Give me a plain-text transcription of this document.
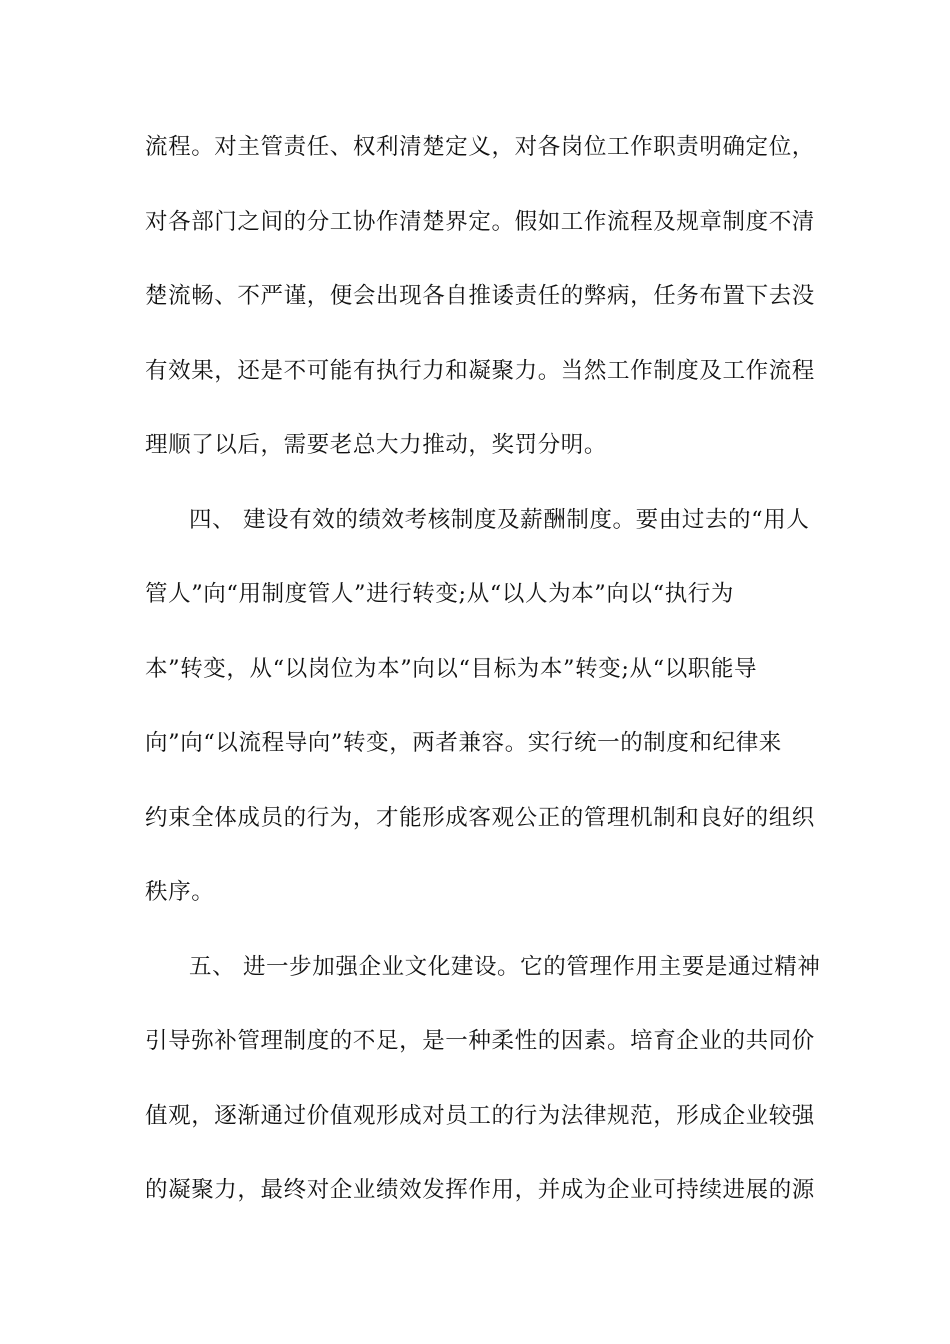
流程。对主管责任、权利清楚定义，对各岗位工作职责明确定位，
对各部门之间的分工协作清楚界定。假如工作流程及规章制度不清
楚流畅、不严谨，便会出现各自推诿责任的弊病，任务布置下去没
有效果，还是不可能有执行力和凝聚力。当然工作制度及工作流程
理顺了以后，需要老总大力推动，奖罚分明。
四、 建设有效的绩效考核制度及薪酬制度。要由过去的“用人
管人”向“用制度管人”进行转变;从“以人为本”向以“执行为
本”转变，从“以岗位为本”向以“目标为本”转变;从“以职能导
向”向“以流程导向”转变，两者兼容。实行统一的制度和纪律来
约束全体成员的行为，才能形成客观公正的管理机制和良好的组织
秩序。
五、 进一步加强企业文化建设。它的管理作用主要是通过精神
引导弥补管理制度的不足，是一种柔性的因素。培育企业的共同价
值观，逐渐通过价值观形成对员工的行为法律规范，形成企业较强
的凝聚力，最终对企业绩效发挥作用，并成为企业可持续进展的源
